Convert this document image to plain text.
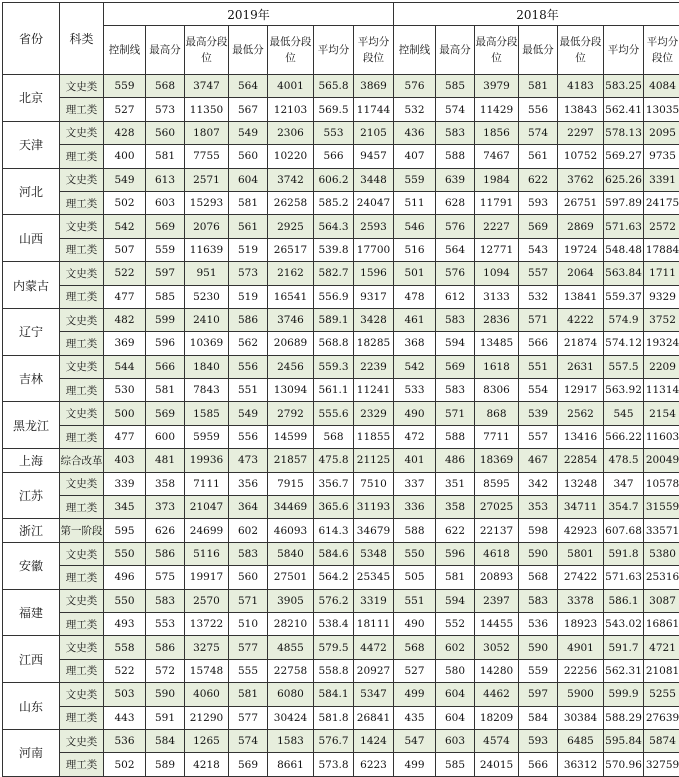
省份	科类	2019年							2018年						
		控制线	最高分	最高分段位	最低分	最低分段位	平均分	平均分段位	控制线	最高分	最高分段位	最低分	最低分段位	平均分	平均分段位
北京	文史类	559	568	3747	564	4001	565.8	3869	576	585	3979	581	4183	583.25	4084
	理工类	527	573	11350	567	12103	569.5	11744	532	574	11429	556	13843	562.41	13035
天津	文史类	428	560	1807	549	2306	553	2105	436	583	1856	574	2297	578.13	2095
	理工类	400	581	7755	560	10220	566	9457	407	588	7467	561	10752	569.27	9735
河北	文史类	549	613	2571	604	3742	606.2	3448	559	639	1984	622	3762	625.26	3391
	理工类	502	603	15293	581	26258	585.2	24047	511	628	11791	593	26751	597.89	24175
山西	文史类	542	569	2076	561	2925	564.3	2593	546	576	2227	569	2869	571.63	2572
	理工类	507	559	11639	519	26517	539.8	17700	516	564	12771	543	19724	548.48	17884
内蒙古	文史类	522	597	951	573	2162	582.7	1596	501	576	1094	557	2064	563.84	1711
	理工类	477	585	5230	519	16541	556.9	9317	478	612	3133	532	13841	559.37	9329
辽宁	文史类	482	599	2410	586	3746	589.1	3428	461	583	2836	571	4222	574.9	3752
	理工类	369	596	10369	562	20689	568.8	18285	368	594	13485	566	21874	574.12	19324
吉林	文史类	544	566	1840	556	2456	559.3	2239	542	569	1618	551	2631	557.5	2209
	理工类	530	581	7843	551	13094	561.1	11241	533	583	8306	554	12917	563.92	11314
黑龙江	文史类	500	569	1585	549	2792	555.6	2329	490	571	868	539	2562	545	2154
	理工类	477	600	5959	556	14599	568	11855	472	588	7711	557	13416	566.22	11603
上海	综合改革	403	481	19936	473	21857	475.8	21125	401	486	18369	467	22854	478.5	20049
江苏	文史类	339	358	7111	356	7915	356.7	7510	337	351	8595	342	13248	347	10578
	理工类	345	373	21047	364	34469	365.6	31193	336	358	27025	353	34711	354.7	31559
浙江	第一阶段	595	626	24699	602	46093	614.3	34679	588	622	22137	598	42923	607.68	33571
安徽	文史类	550	586	5116	583	5840	584.6	5348	550	596	4618	590	5801	591.8	5380
	理工类	496	575	19917	560	27501	564.2	25345	505	581	20893	568	27422	571.63	25316
福建	文史类	550	583	2570	571	3905	576.2	3319	551	594	2397	583	3378	586.1	3087
	理工类	493	553	13722	510	28210	538.4	18111	490	552	14455	536	18923	543.02	16861
江西	文史类	558	586	3275	577	4855	579.5	4472	568	602	3052	590	4901	591.7	4721
	理工类	522	572	15748	555	22758	558.8	20927	527	580	14280	559	22256	562.31	21081
山东	文史类	503	590	4060	581	6080	584.1	5347	499	604	4462	597	5900	599.9	5255
	理工类	443	591	21290	577	30424	581.8	26841	435	604	18209	584	30384	588.29	27639
河南	文史类	536	584	1265	574	1583	576.7	1424	547	603	4574	593	6485	595.84	5874
	理工类	502	589	4218	569	8661	573.8	6223	499	585	24015	566	36312	570.96	32759
